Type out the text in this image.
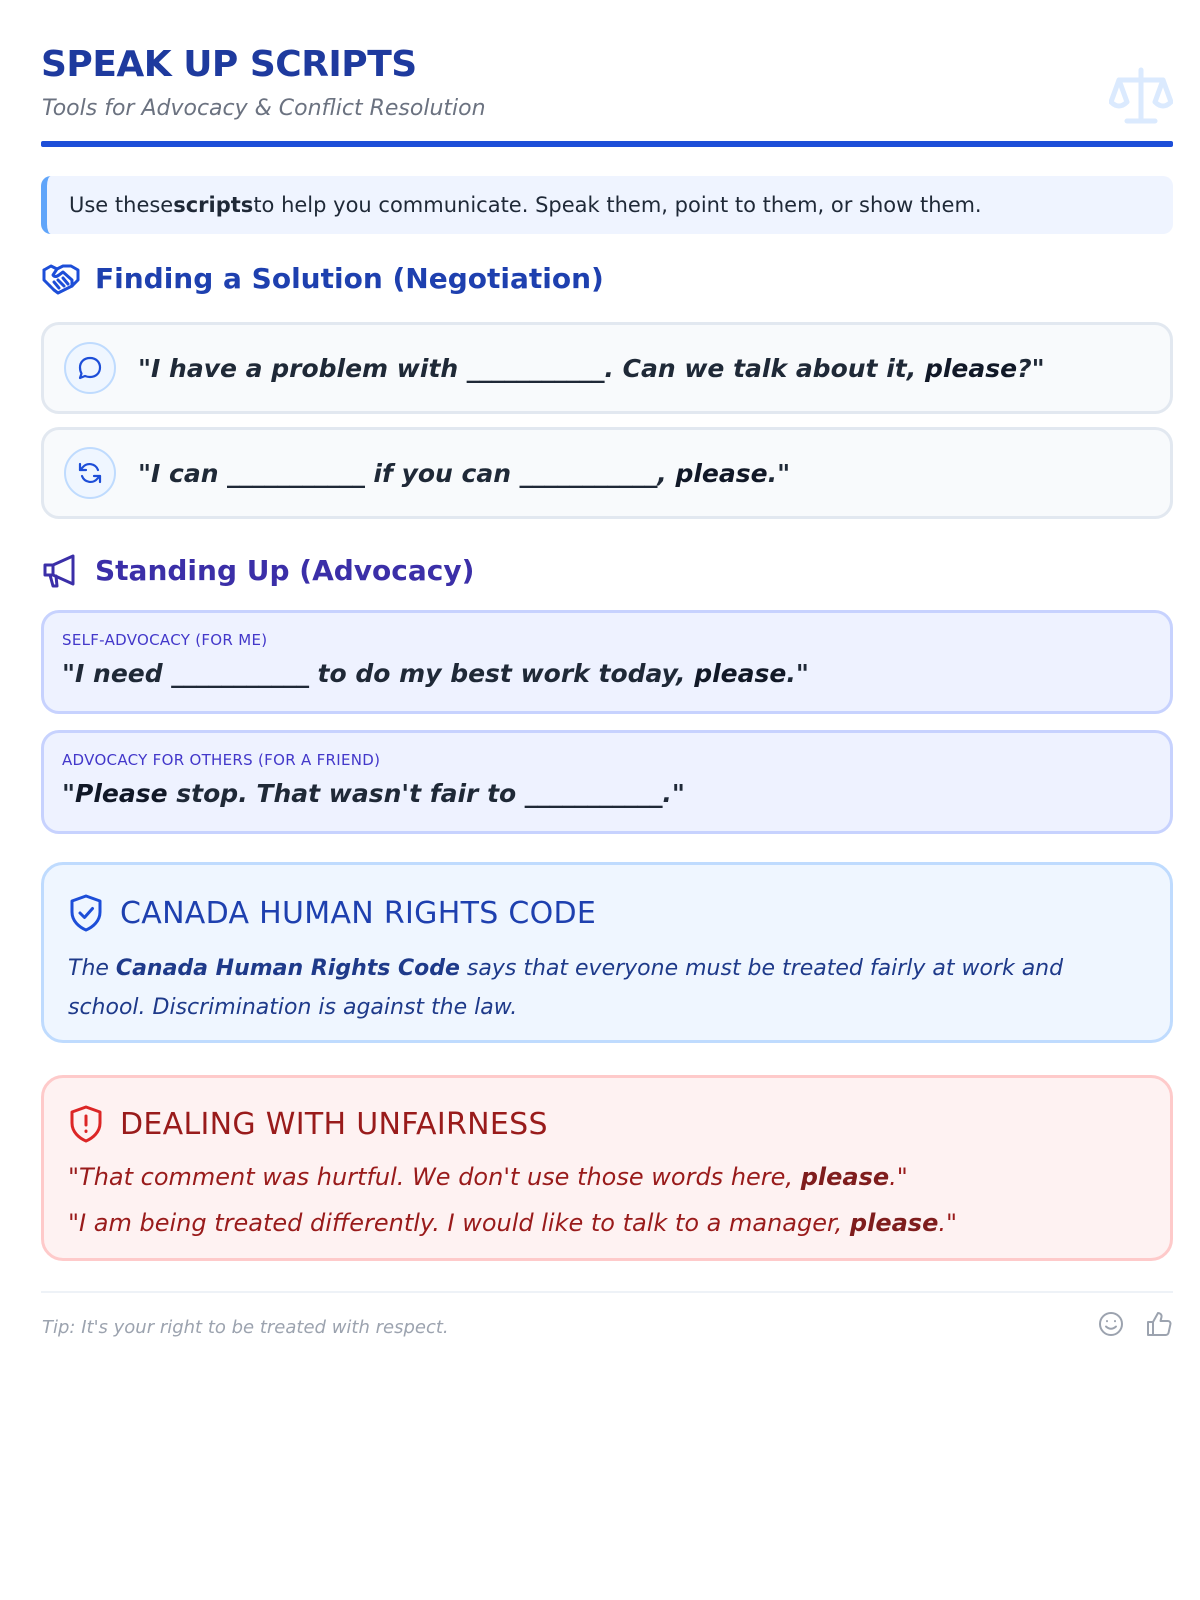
SPEAK UP SCRIPTS
Tools for Advocacy & Conflict Resolution
Use these scripts to help you communicate. Speak them, point to them, or show them.
Finding a Solution (Negotiation)
"I have a problem with ___________. Can we talk about it, please?"
"I can ___________ if you can ___________, please."
Standing Up (Advocacy)
SELF-ADVOCACY (FOR ME)
"I need ___________ to do my best work today, please."
ADVOCACY FOR OTHERS (FOR A FRIEND)
"Please stop. That wasn't fair to ___________."
CANADA HUMAN RIGHTS CODE
The Canada Human Rights Code says that everyone must be treated fairly at work and school. Discrimination is against the law.
DEALING WITH UNFAIRNESS
"That comment was hurtful. We don't use those words here, please."
"I am being treated differently. I would like to talk to a manager, please."
Tip: It's your right to be treated with respect.
